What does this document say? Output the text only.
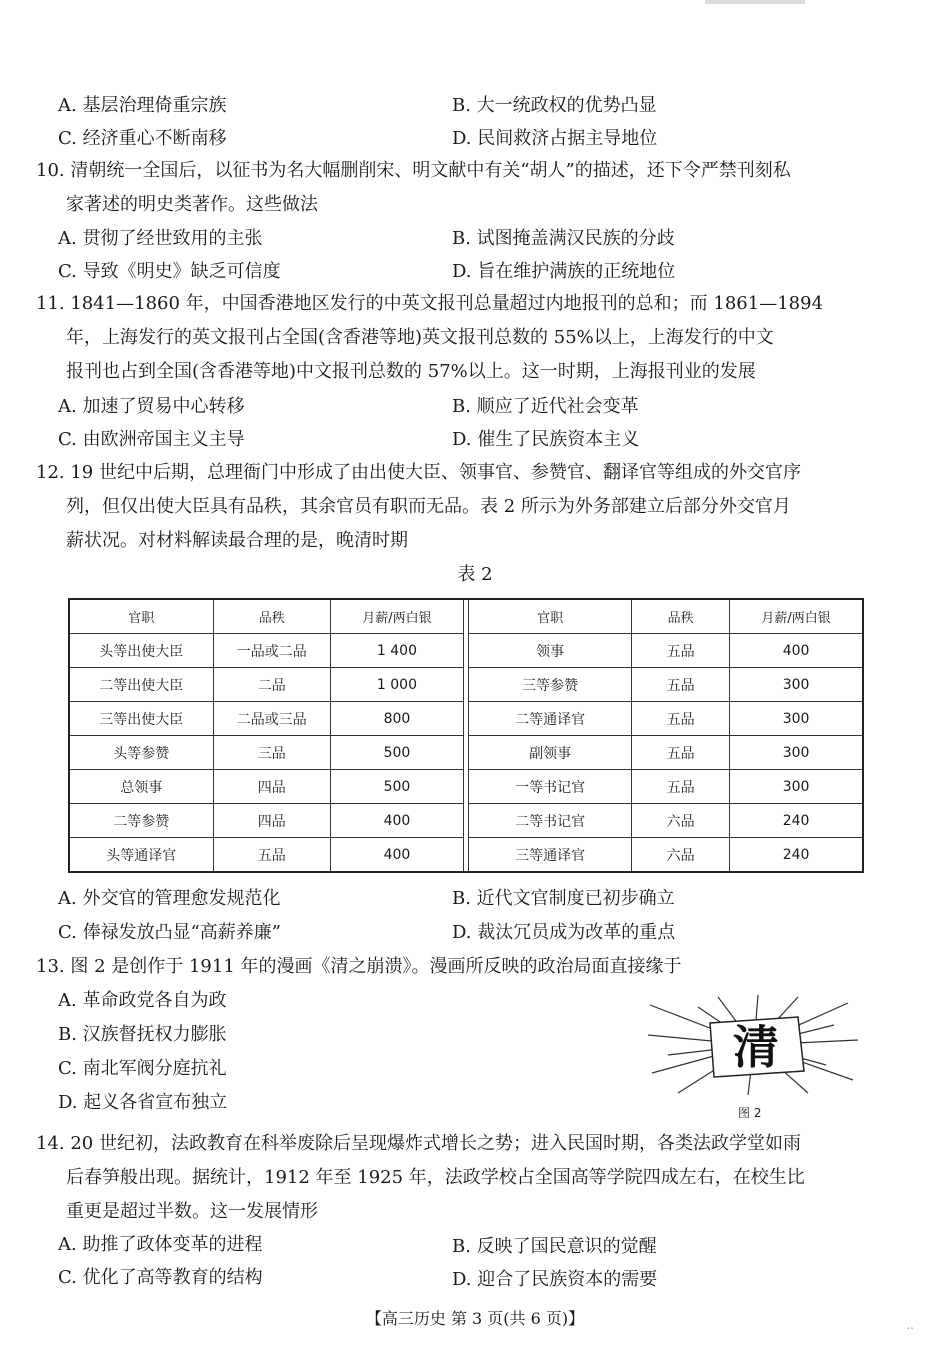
A. 基层治理倚重宗族	B. 大一统政权的优势凸显
C. 经济重心不断南移	D. 民间救济占据主导地位
10. 清朝统一全国后，以征书为名大幅删削宋、明文献中有关“胡人”的描述，还下令严禁刊刻私
家著述的明史类著作。这些做法
A. 贯彻了经世致用的主张	B. 试图掩盖满汉民族的分歧
C. 导致《明史》缺乏可信度	D. 旨在维护满族的正统地位
11. 1841—1860 年，中国香港地区发行的中英文报刊总量超过内地报刊的总和；而 1861—1894
年，上海发行的英文报刊占全国(含香港等地)英文报刊总数的 55%以上，上海发行的中文
报刊也占到全国(含香港等地)中文报刊总数的 57%以上。这一时期，上海报刊业的发展
A. 加速了贸易中心转移	B. 顺应了近代社会变革
C. 由欧洲帝国主义主导	D. 催生了民族资本主义
12. 19 世纪中后期，总理衙门中形成了由出使大臣、领事官、参赞官、翻译官等组成的外交官序
列，但仅出使大臣具有品秩，其余官员有职而无品。表 2 所示为外务部建立后部分外交官月
薪状况。对材料解读最合理的是，晚清时期
表 2
官职	品秩	月薪/两白银		官职	品秩	月薪/两白银
头等出使大臣	一品或二品	1 400		领事	五品	400
二等出使大臣	二品	1 000		三等参赞	五品	300
三等出使大臣	二品或三品	800		二等通译官	五品	300
头等参赞	三品	500		副领事	五品	300
总领事	四品	500		一等书记官	五品	300
二等参赞	四品	400		二等书记官	六品	240
头等通译官	五品	400		三等通译官	六品	240
A. 外交官的管理愈发规范化	B. 近代文官制度已初步确立
C. 俸禄发放凸显“高薪养廉”	D. 裁汰冗员成为改革的重点
13. 图 2 是创作于 1911 年的漫画《清之崩溃》。漫画所反映的政治局面直接缘于
A. 革命政党各自为政
B. 汉族督抚权力膨胀
C. 南北军阀分庭抗礼
D. 起义各省宣布独立
清
图 2
14. 20 世纪初，法政教育在科举废除后呈现爆炸式增长之势；进入民国时期，各类法政学堂如雨
后春笋般出现。据统计，1912 年至 1925 年，法政学校占全国高等学院四成左右，在校生比
重更是超过半数。这一发展情形
A. 助推了政体变革的进程	B. 反映了国民意识的觉醒
C. 优化了高等教育的结构	D. 迎合了民族资本的需要
【高三历史 第 3 页(共 6 页)】	..
